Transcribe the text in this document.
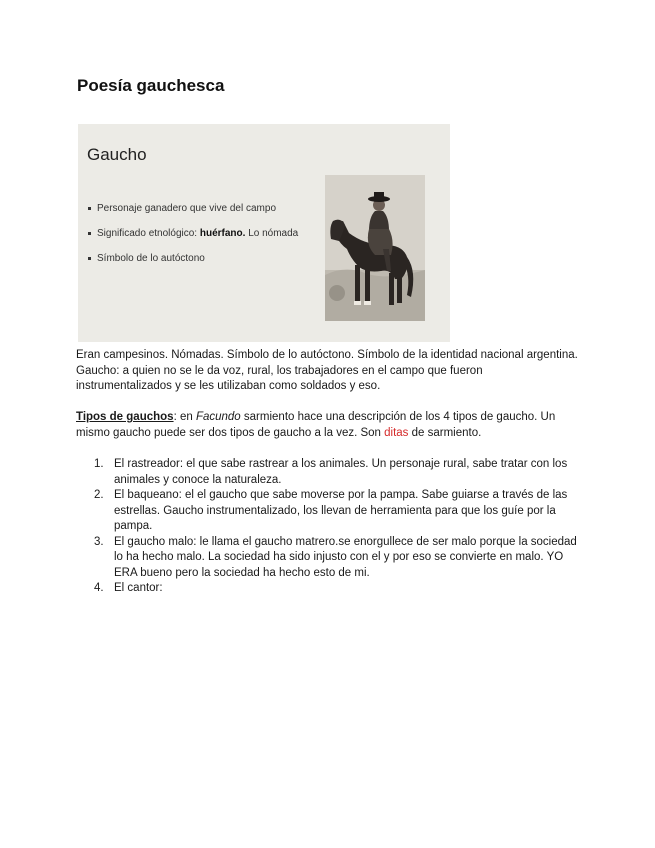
Poesía gauchesca
Gaucho
Personaje ganadero que vive del campo
Significado etnológico: huérfano. Lo nómada
Símbolo de lo autóctono

Eran campesinos. Nómadas. Símbolo de lo autóctono. Símbolo de la identidad nacional argentina. Gaucho: a quien no se le da voz, rural, los trabajadores en el campo que fueron instrumentalizados y se les utilizaban como soldados y eso.

Tipos de gauchos: en Facundo sarmiento hace una descripción de los 4 tipos de gaucho. Un mismo gaucho puede ser dos tipos de gaucho a la vez. Son ditas de sarmiento.

1. El rastreador: el que sabe rastrear a los animales. Un personaje rural, sabe tratar con los animales y conoce la naturaleza.
2. El baqueano: el el gaucho que sabe moverse por la pampa. Sabe guiarse a través de las estrellas. Gaucho instrumentalizado, los llevan de herramienta para que los guíe por la pampa.
3. El gaucho malo: le llama el gaucho matrero.se enorgullece de ser malo porque la sociedad lo ha hecho malo. La sociedad ha sido injusto con el y por eso se convierte en malo. YO ERA bueno pero la sociedad ha hecho esto de mi.
4. El cantor:
